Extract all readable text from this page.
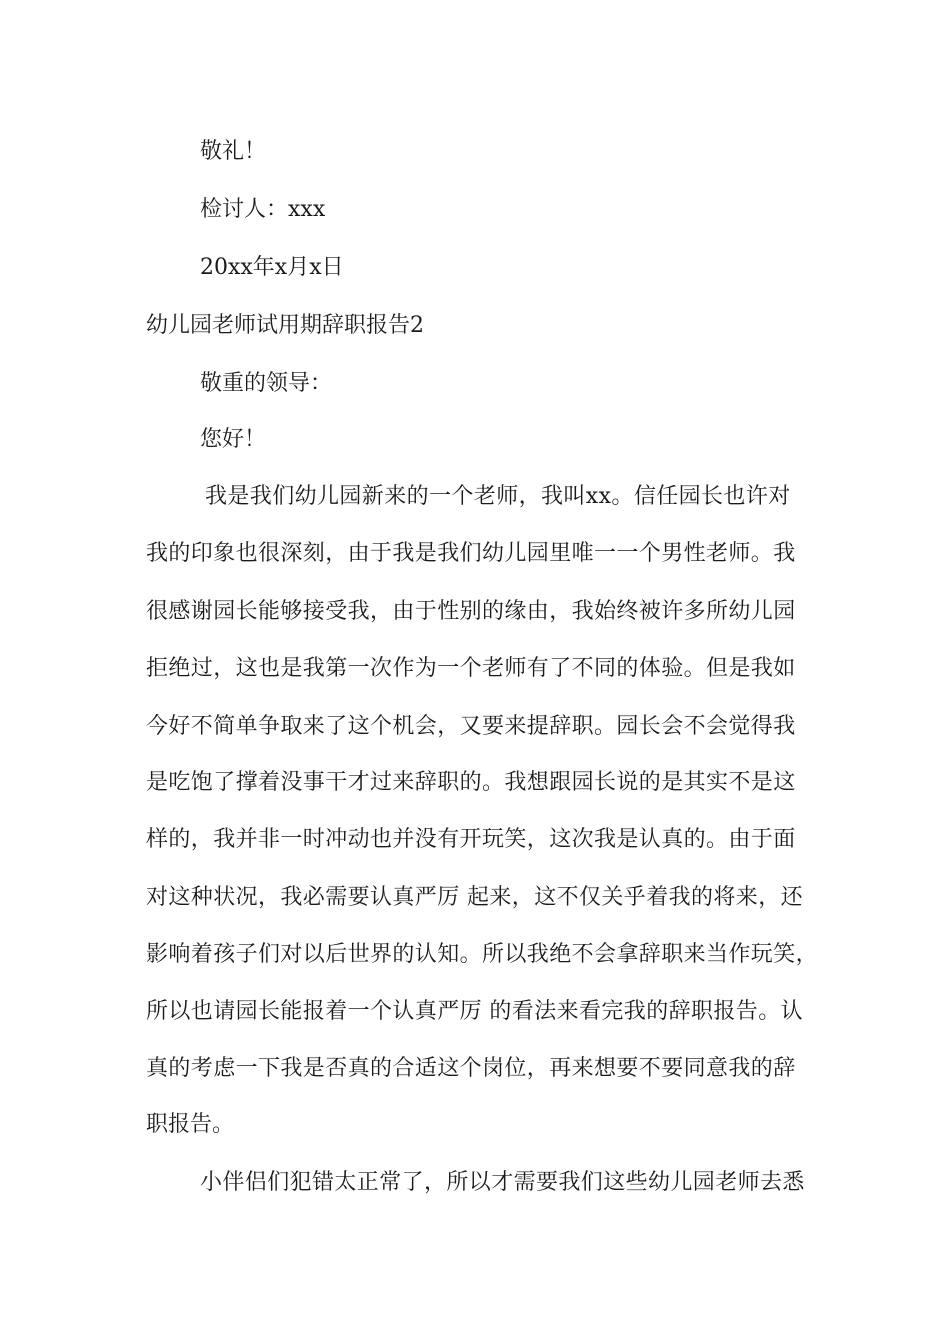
敬礼！

检讨人：xxx

20xx年x月x日

幼儿园老师试用期辞职报告2

敬重的领导：

您好！

我是我们幼儿园新来的一个老师，我叫xx。信任园长也许对

我的印象也很深刻，由于我是我们幼儿园里唯一一个男性老师。我

很感谢园长能够接受我，由于性别的缘由，我始终被许多所幼儿园

拒绝过，这也是我第一次作为一个老师有了不同的体验。但是我如

今好不简单争取来了这个机会，又要来提辞职。园长会不会觉得我

是吃饱了撑着没事干才过来辞职的。我想跟园长说的是其实不是这

样的，我并非一时冲动也并没有开玩笑，这次我是认真的。由于面

对这种状况，我必需要认真严厉 起来，这不仅关乎着我的将来，还

影响着孩子们对以后世界的认知。所以我绝不会拿辞职来当作玩笑，

所以也请园长能报着一个认真严厉 的看法来看完我的辞职报告。认

真的考虑一下我是否真的合适这个岗位，再来想要不要同意我的辞

职报告。

小伴侣们犯错太正常了，所以才需要我们这些幼儿园老师去悉
